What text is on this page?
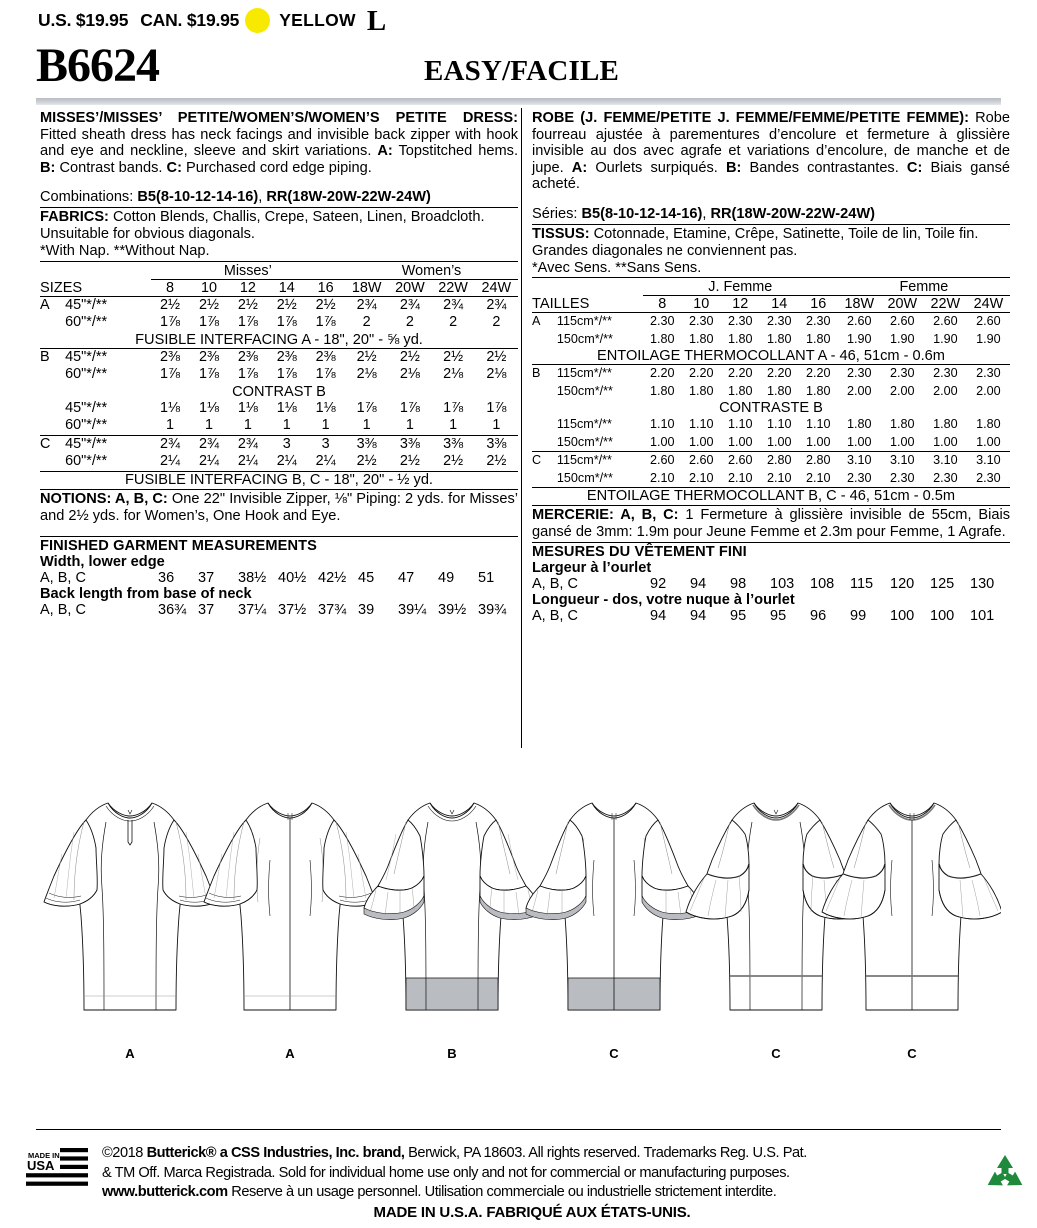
U.S. $19.95 CAN. $19.95 YELLOW L
B6624	EASY/FACILE
MISSES’/MISSES’ PETITE/WOMEN’S/WOMEN’S PETITE DRESS: Fitted sheath dress has neck facings and invisible back zipper with hook and eye and neckline, sleeve and skirt variations. A: Topstitched hems. B: Contrast bands. C: Purchased cord edge piping.
Combinations: B5(8-10-12-14-16), RR(18W-20W-22W-24W)
FABRICS: Cotton Blends, Challis, Crepe, Sateen, Linen, Broadcloth.
Unsuitable for obvious diagonals.
*With Nap. **Without Nap.
		Misses’					Women’s			
SIZES		8	10	12	14	16	18W	20W	22W	24W
A	45"*/**	2½	2½	2½	2½	2½	2¾	2¾	2¾	2¾
	60"*/**	1⅞	1⅞	1⅞	1⅞	1⅞	2	2	2	2
FUSIBLE INTERFACING A - 18", 20" - ⅝ yd.										
B	45"*/**	2⅜	2⅜	2⅜	2⅜	2⅜	2½	2½	2½	2½
	60"*/**	1⅞	1⅞	1⅞	1⅞	1⅞	2⅛	2⅛	2⅛	2⅛
CONTRAST B										
	45"*/**	1⅛	1⅛	1⅛	1⅛	1⅛	1⅞	1⅞	1⅞	1⅞
	60"*/**	1	1	1	1	1	1	1	1	1
C	45"*/**	2¾	2¾	2¾	3	3	3⅜	3⅜	3⅜	3⅜
	60"*/**	2¼	2¼	2¼	2¼	2¼	2½	2½	2½	2½
FUSIBLE INTERFACING B, C - 18", 20" - ½ yd.										
NOTIONS: A, B, C: One 22" Invisible Zipper, ⅛" Piping: 2 yds. for Misses’ and 2½ yds. for Women’s, One Hook and Eye.
FINISHED GARMENT MEASUREMENTS
Width, lower edge
A, B, C	36	37	38½	40½	42½	45	47	49	51
Back length from base of neck
A, B, C	36¾	37	37¼	37½	37¾	39	39¼	39½	39¾
ROBE (J. FEMME/PETITE J. FEMME/FEMME/PETITE FEMME): Robe fourreau ajustée à parementures d’encolure et fermeture à glissière invisible au dos avec agrafe et variations d’encolure, de manche et de jupe. A: Ourlets surpiqués. B: Bandes contrastantes. C: Biais gansé acheté.
Séries: B5(8-10-12-14-16), RR(18W-20W-22W-24W)
TISSUS: Cotonnade, Etamine, Crêpe, Satinette, Toile de lin, Toile fin.
Grandes diagonales ne conviennent pas.
*Avec Sens. **Sans Sens.
		J. Femme					Femme			
TAILLES		8	10	12	14	16	18W	20W	22W	24W
A	115cm*/**	2.30	2.30	2.30	2.30	2.30	2.60	2.60	2.60	2.60
	150cm*/**	1.80	1.80	1.80	1.80	1.80	1.90	1.90	1.90	1.90
ENTOILAGE THERMOCOLLANT A - 46, 51cm - 0.6m										
B	115cm*/**	2.20	2.20	2.20	2.20	2.20	2.30	2.30	2.30	2.30
	150cm*/**	1.80	1.80	1.80	1.80	1.80	2.00	2.00	2.00	2.00
CONTRASTE B										
	115cm*/**	1.10	1.10	1.10	1.10	1.10	1.80	1.80	1.80	1.80
	150cm*/**	1.00	1.00	1.00	1.00	1.00	1.00	1.00	1.00	1.00
C	115cm*/**	2.60	2.60	2.60	2.80	2.80	3.10	3.10	3.10	3.10
	150cm*/**	2.10	2.10	2.10	2.10	2.10	2.30	2.30	2.30	2.30
ENTOILAGE THERMOCOLLANT B, C - 46, 51cm - 0.5m										
MERCERIE: A, B, C: 1 Fermeture à glissière invisible de 55cm, Biais gansé de 3mm: 1.9m pour Jeune Femme et 2.3m pour Femme, 1 Agrafe.
MESURES DU VÊTEMENT FINI
Largeur à l’ourlet
A, B, C	92	94	98	103	108	115	120	125	130
Longueur - dos, votre nuque à l’ourlet
A, B, C	94	94	95	95	96	99	100	100	101
A	A	B	C	C	C
MADE IN
USA
©2018 Butterick® a CSS Industries, Inc. brand, Berwick, PA 18603. All rights reserved. Trademarks Reg. U.S. Pat.
& TM Off. Marca Registrada. Sold for individual home use only and not for commercial or manufacturing purposes.
www.butterick.com Reserve à un usage personnel. Utilisation commerciale ou industrielle strictement interdite.
MADE IN U.S.A. FABRIQUÉ AUX ÉTATS-UNIS.
